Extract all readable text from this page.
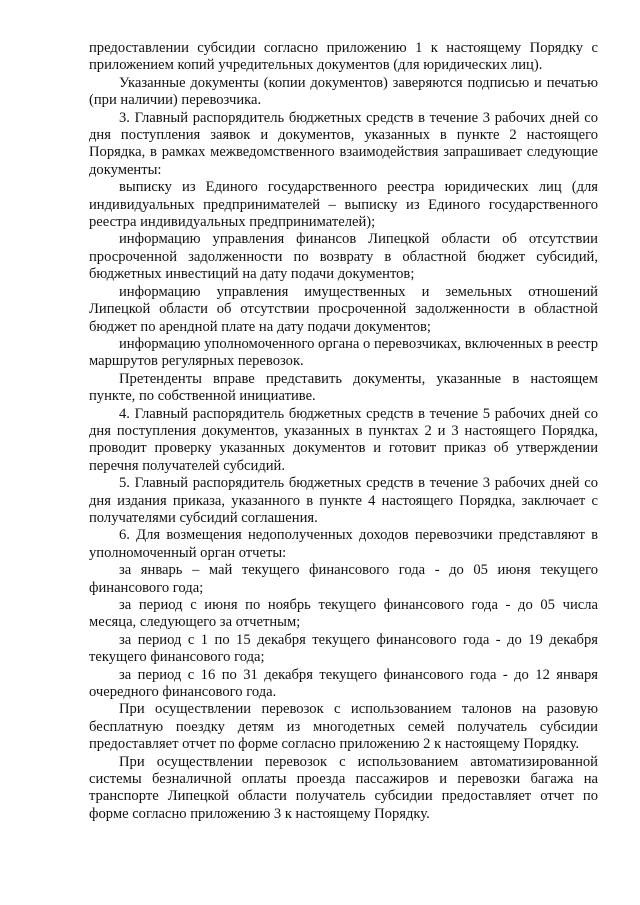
предоставлении субсидии согласно приложению 1 к настоящему Порядку с приложением копий учредительных документов (для юридических лиц).

Указанные документы (копии документов) заверяются подписью и печатью (при наличии) перевозчика.

3. Главный распорядитель бюджетных средств в течение 3 рабочих дней со дня поступления заявок и документов, указанных в пункте 2 настоящего Порядка, в рамках межведомственного взаимодействия запрашивает следующие документы:

выписку из Единого государственного реестра юридических лиц (для индивидуальных предпринимателей – выписку из Единого государственного реестра индивидуальных предпринимателей);

информацию управления финансов Липецкой области об отсутствии просроченной задолженности по возврату в областной бюджет субсидий, бюджетных инвестиций на дату подачи документов;

информацию управления имущественных и земельных отношений Липецкой области об отсутствии просроченной задолженности в областной бюджет по арендной плате на дату подачи документов;

информацию уполномоченного органа о перевозчиках, включенных в реестр маршрутов регулярных перевозок.

Претенденты вправе представить документы, указанные в настоящем пункте, по собственной инициативе.

4. Главный распорядитель бюджетных средств в течение 5 рабочих дней со дня поступления документов, указанных в пунктах 2 и 3 настоящего Порядка, проводит проверку указанных документов и готовит приказ об утверждении перечня получателей субсидий.

5. Главный распорядитель бюджетных средств в течение 3 рабочих дней со дня издания приказа, указанного в пункте 4 настоящего Порядка, заключает с получателями субсидий соглашения.

6. Для возмещения недополученных доходов перевозчики представляют в уполномоченный орган отчеты:

за январь – май текущего финансового года - до 05 июня текущего финансового года;

за период с июня по ноябрь текущего финансового года - до 05 числа месяца, следующего за отчетным;

за период с 1 по 15 декабря текущего финансового года - до 19 декабря текущего финансового года;

за период с 16 по 31 декабря текущего финансового года - до 12 января очередного финансового года.

При осуществлении перевозок с использованием талонов на разовую бесплатную поездку детям из многодетных семей получатель субсидии предоставляет отчет по форме согласно приложению 2 к настоящему Порядку.

При осуществлении перевозок с использованием автоматизированной системы безналичной оплаты проезда пассажиров и перевозки багажа на транспорте Липецкой области получатель субсидии предоставляет отчет по форме согласно приложению 3 к настоящему Порядку.
